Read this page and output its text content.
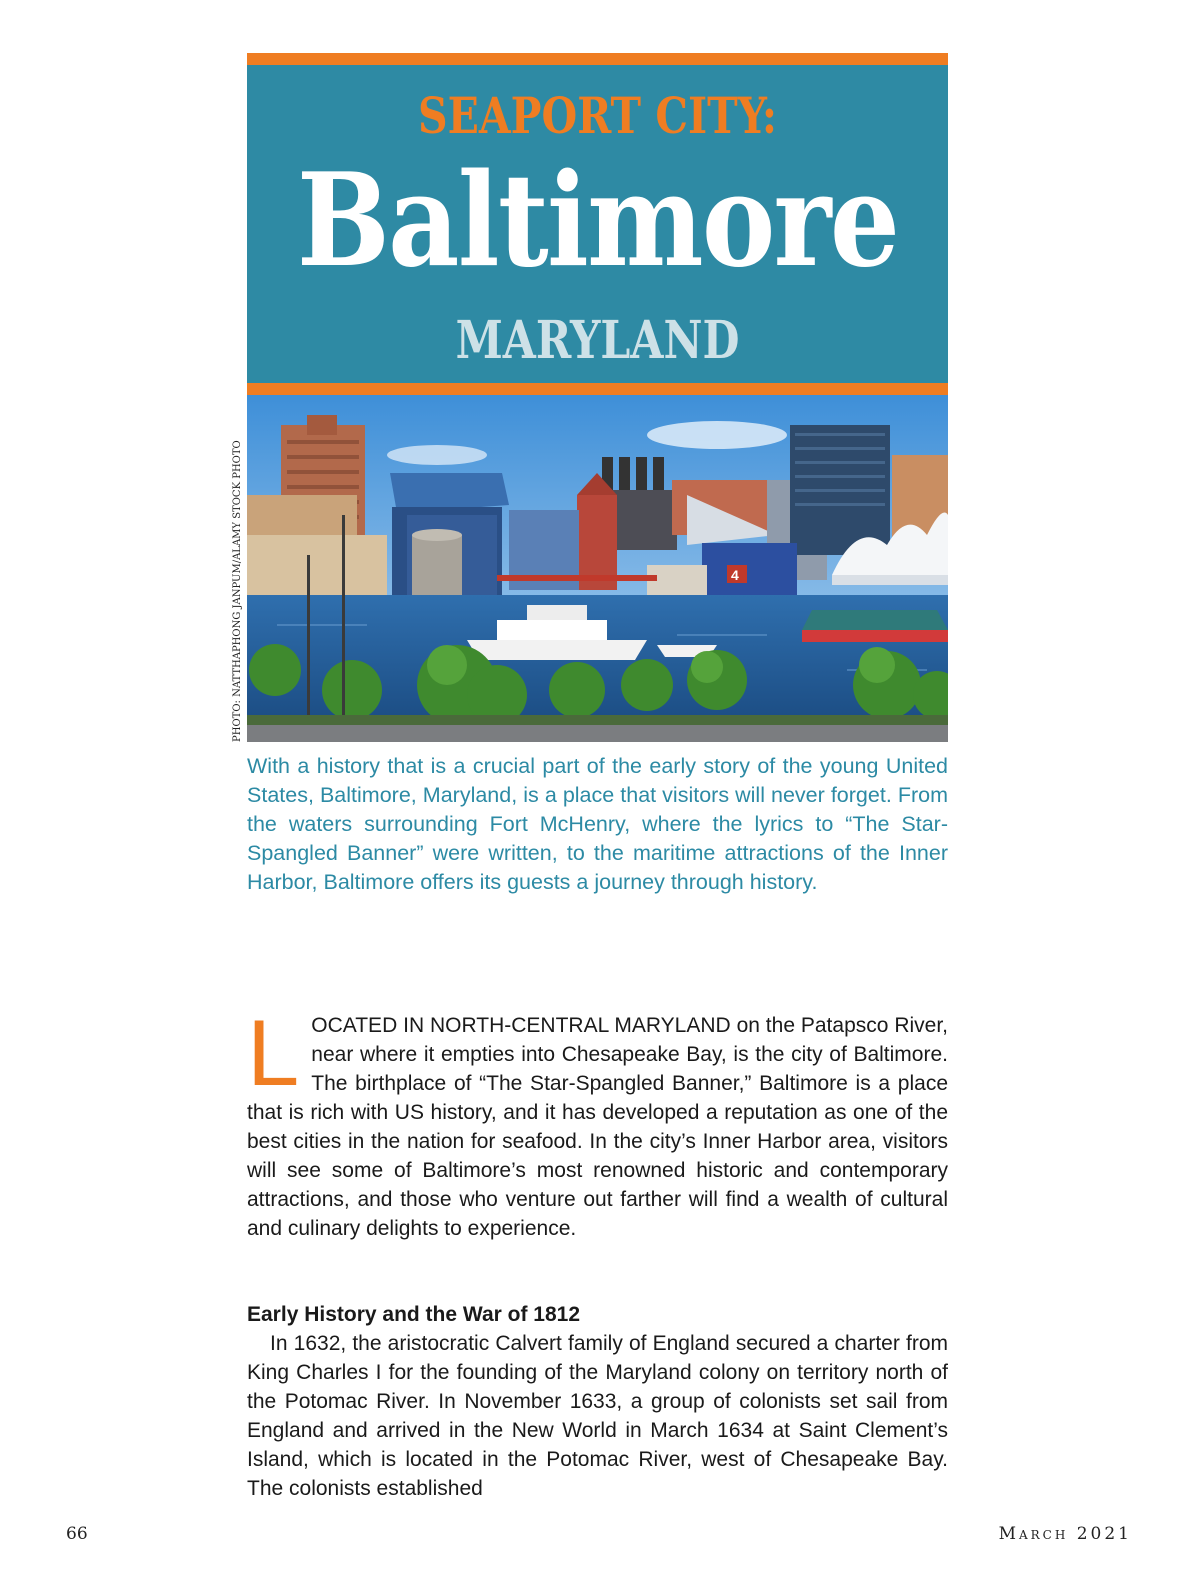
SEAPORT CITY:
Baltimore
MARYLAND
4
PHOTO: NATTHAPHONG JANPUM/ALAMY STOCK PHOTO

With a history that is a crucial part of the early story of the young United States, Baltimore, Maryland, is a place that visitors will never forget. From the waters surrounding Fort McHenry, where the lyrics to “The Star-Spangled Banner” were written, to the maritime attractions of the Inner Harbor, Baltimore offers its guests a journey through history.

LOCATED IN NORTH-CENTRAL MARYLAND on the Patapsco River, near where it empties into Chesapeake Bay, is the city of Baltimore. The birthplace of “The Star-Spangled Banner,” Baltimore is a place that is rich with US history, and it has developed a reputation as one of the best cities in the nation for seafood. In the city’s Inner Harbor area, visitors will see some of Baltimore’s most renowned historic and contemporary attractions, and those who venture out farther will find a wealth of cultural and culinary delights to experience.

Early History and the War of 1812

In 1632, the aristocratic Calvert family of England secured a charter from King Charles I for the founding of the Maryland colony on territory north of the Potomac River. In November 1633, a group of colonists set sail from England and arrived in the New World in March 1634 at Saint Clement’s Island, which is located in the Potomac River, west of Chesapeake Bay. The colonists established

66	March 2021
